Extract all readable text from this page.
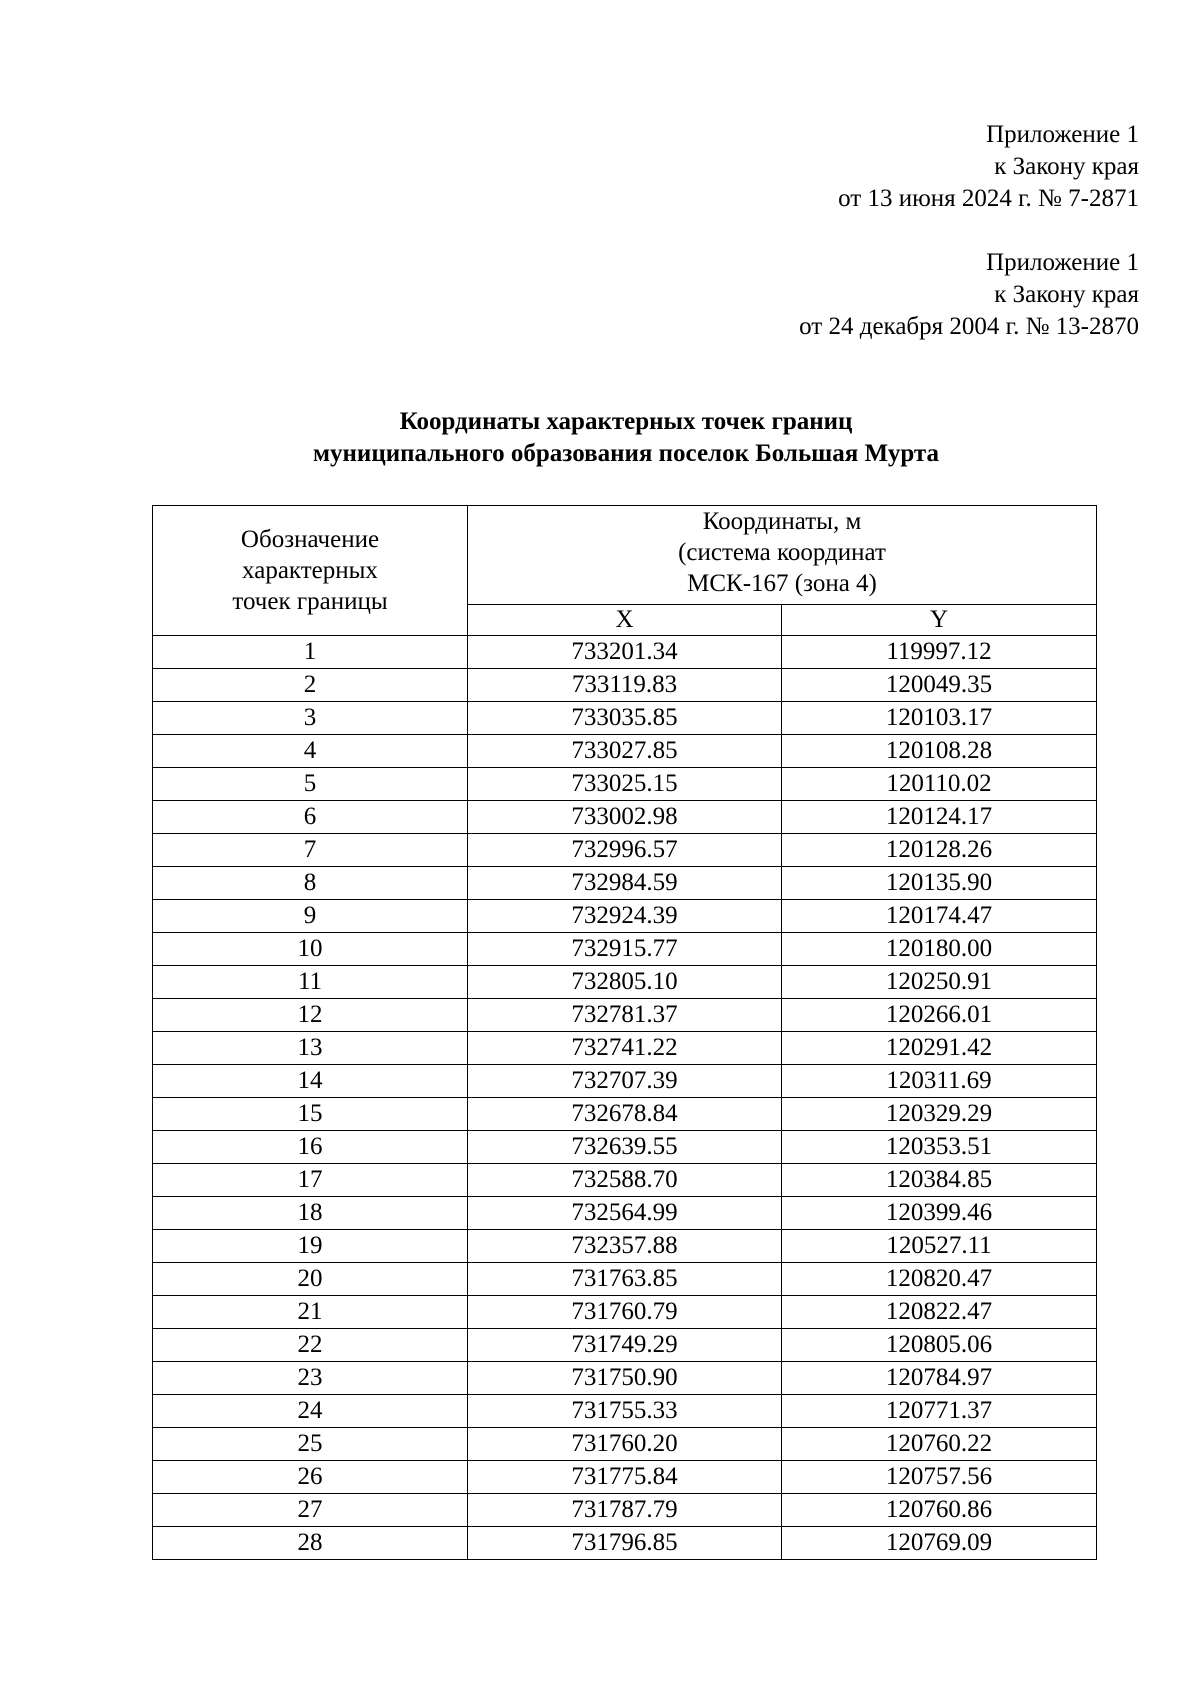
Приложение 1
к Закону края
от 13 июня 2024 г. № 7-2871
Приложение 1
к Закону края
от 24 декабря 2004 г. № 13-2870
Координаты характерных точек границ
муниципального образования поселок Большая Мурта
Обозначение
характерных
точек границы	Координаты, м
(система координат
МСК-167 (зона 4)	

	X	Y
1	733201.34	119997.12
2	733119.83	120049.35
3	733035.85	120103.17
4	733027.85	120108.28
5	733025.15	120110.02
6	733002.98	120124.17
7	732996.57	120128.26
8	732984.59	120135.90
9	732924.39	120174.47
10	732915.77	120180.00
11	732805.10	120250.91
12	732781.37	120266.01
13	732741.22	120291.42
14	732707.39	120311.69
15	732678.84	120329.29
16	732639.55	120353.51
17	732588.70	120384.85
18	732564.99	120399.46
19	732357.88	120527.11
20	731763.85	120820.47
21	731760.79	120822.47
22	731749.29	120805.06
23	731750.90	120784.97
24	731755.33	120771.37
25	731760.20	120760.22
26	731775.84	120757.56
27	731787.79	120760.86
28	731796.85	120769.09
